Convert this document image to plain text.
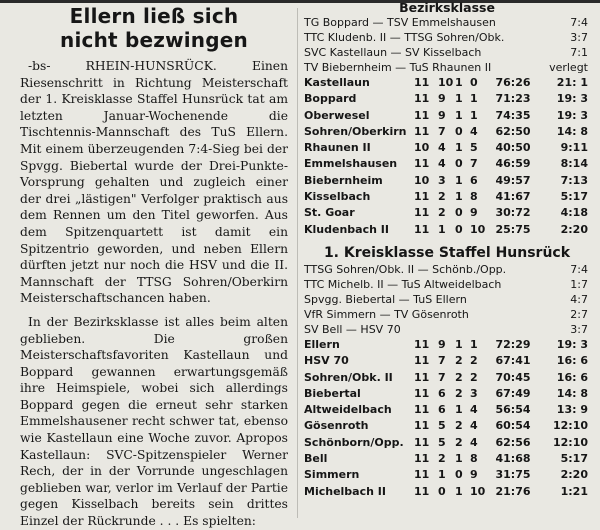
Ellern ließ sich
nicht bezwingen

-bs- RHEIN-HUNSRÜCK. Einen Riesenschritt in Richtung Meisterschaft der 1. Kreisklasse Staffel Hunsrück tat am letzten Januar-Wochenende die Tischtennis-Mannschaft des TuS Ellern. Mit einem überzeugenden 7:4-Sieg bei der Spvgg. Biebertal wurde der Drei-Punkte-Vorsprung gehalten und zugleich einer der drei „lästigen" Verfolger praktisch aus dem Rennen um den Titel geworfen. Aus dem Spitzenquartett ist damit ein Spitzentrio geworden, und neben Ellern dürften jetzt nur noch die HSV und die II. Mannschaft der TTSG Sohren/Oberkirn Meisterschaftschancen haben.

In der Bezirksklasse ist alles beim alten geblieben. Die großen Meisterschaftsfavoriten Kastellaun und Boppard gewannen erwartungsgemäß ihre Heimspiele, wobei sich allerdings Boppard gegen die erneut sehr starken Emmelshausener recht schwer tat, ebenso wie Kastellaun eine Woche zuvor. Apropos Kastellaun: SVC-Spitzenspieler Werner Rech, der in der Vorrunde ungeschlagen geblieben war, verlor im Verlauf der Partie gegen Kisselbach bereits sein drittes Einzel der Rückrunde . . . Es spielten:

Bezirksklasse
TG Boppard — TSV Emmelshausen	7:4
TTC Kludenb. II — TTSG Sohren/Obk.	3:7
SVC Kastellaun — SV Kisselbach	7:1
TV Biebernheim — TuS Rhaunen II	verlegt
Kastellaun	11 10 1 0	76:26	21: 1
Boppard	11 9 1 1	71:23	19: 3
Oberwesel	11 9 1 1	74:35	19: 3
Sohren/Oberkirn 11 7 0 4	62:50	14: 8
Rhaunen II	10 4 1 5	40:50	9:11
Emmelshausen 11 4 0 7	46:59	8:14
Biebernheim	10 3 1 6	49:57	7:13
Kisselbach	11 2 1 8	41:67	5:17
St. Goar	11 2 0 9	30:72	4:18
Kludenbach II 11 1 0 10 25:75	2:20
1. Kreisklasse Staffel Hunsrück
TTSG Sohren/Obk. II — Schönb./Opp.	7:4
TTC Michelb. II — TuS Altweidelbach	1:7
Spvgg. Biebertal — TuS Ellern	4:7
VfR Simmern — TV Gösenroth	2:7
SV Bell — HSV 70	3:7
Ellern	11 9 1 1	72:29	19: 3
HSV 70	11 7 2 2	67:41	16: 6
Sohren/Obk. II 11 7 2 2	70:45	16: 6
Biebertal	11 6 2 3	67:49	14: 8
Altweidelbach 11 6 1 4	56:54	13: 9
Gösenroth	11 5 2 4	60:54	12:10
Schönborn/Opp. 11 5 2 4	62:56	12:10
Bell	11 2 1 8	41:68	5:17
Simmern	11 1 0 9	31:75	2:20
Michelbach II	11 0 1 10 21:76	1:21
